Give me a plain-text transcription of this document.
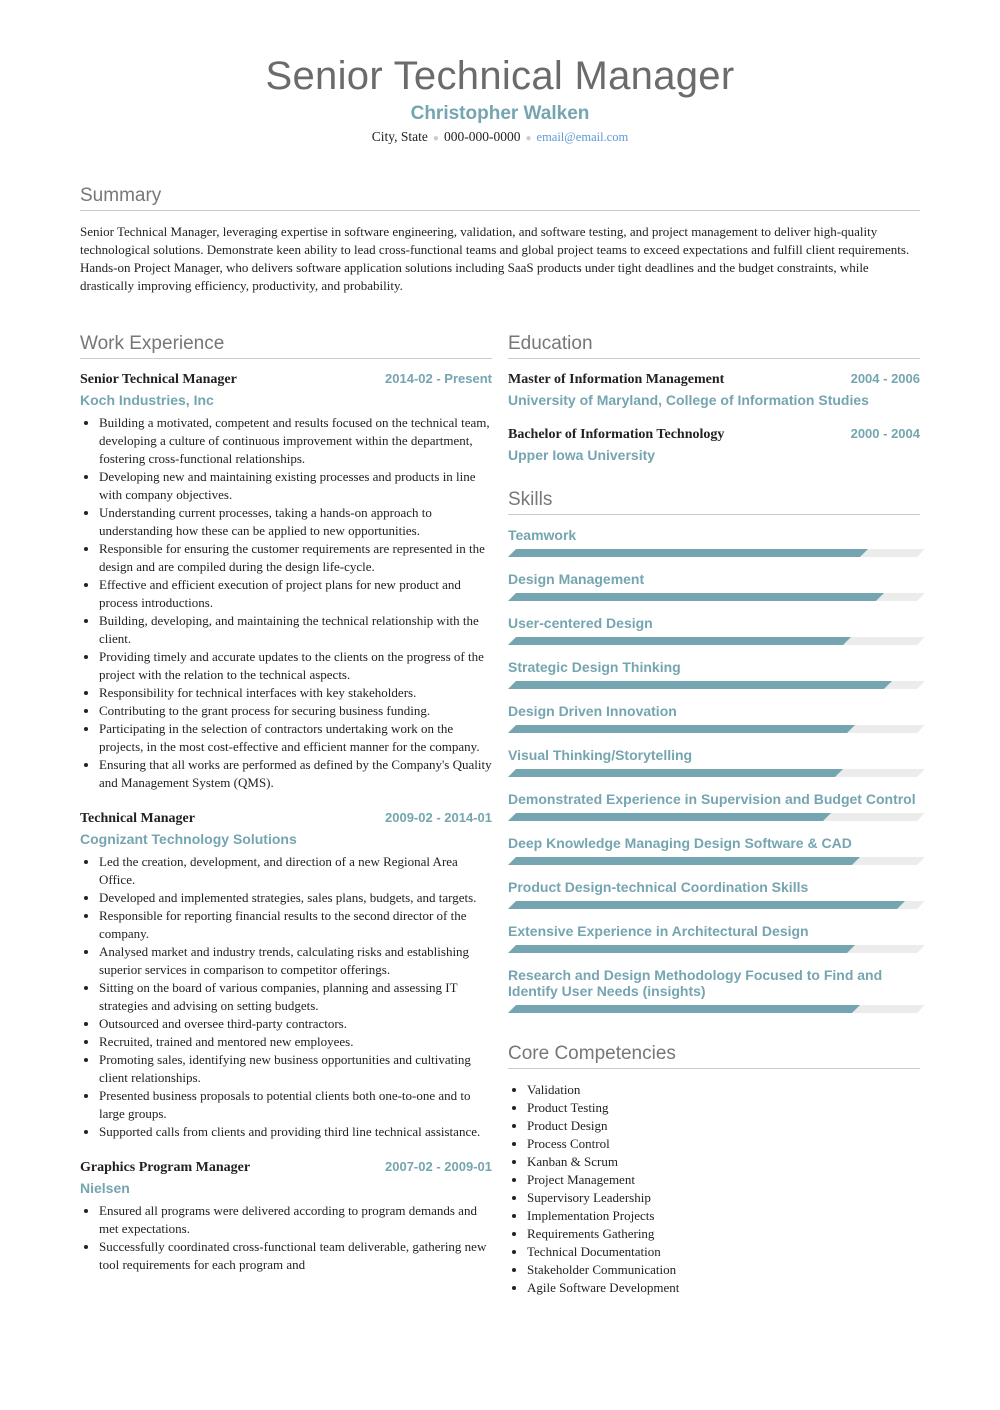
Senior Technical Manager
Christopher Walken
City, State ● 000-000-0000 ● email@email.com
Summary

Senior Technical Manager, leveraging expertise in software engineering, validation, and software testing, and project management to deliver high-quality technological solutions. Demonstrate keen ability to lead cross-functional teams and global project teams to exceed expectations and fulfill client requirements. Hands-on Project Manager, who delivers software application solutions including SaaS products under tight deadlines and the budget constraints, while drastically improving efficiency, productivity, and probability.

Work Experience
Senior Technical Manager	2014-02 - Present
Koch Industries, Inc
• Building a motivated, competent and results focused on the technical team, developing a culture of continuous improvement within the department, fostering cross-functional relationships.
• Developing new and maintaining existing processes and products in line with company objectives.
• Understanding current processes, taking a hands-on approach to understanding how these can be applied to new opportunities.
• Responsible for ensuring the customer requirements are represented in the design and are compiled during the design life-cycle.
• Effective and efficient execution of project plans for new product and process introductions.
• Building, developing, and maintaining the technical relationship with the client.
• Providing timely and accurate updates to the clients on the progress of the project with the relation to the technical aspects.
• Responsibility for technical interfaces with key stakeholders.
• Contributing to the grant process for securing business funding.
• Participating in the selection of contractors undertaking work on the projects, in the most cost-effective and efficient manner for the company.
• Ensuring that all works are performed as defined by the Company's Quality and Management System (QMS).
Technical Manager	2009-02 - 2014-01
Cognizant Technology Solutions
• Led the creation, development, and direction of a new Regional Area Office.
• Developed and implemented strategies, sales plans, budgets, and targets.
• Responsible for reporting financial results to the second director of the company.
• Analysed market and industry trends, calculating risks and establishing superior services in comparison to competitor offerings.
• Sitting on the board of various companies, planning and assessing IT strategies and advising on setting budgets.
• Outsourced and oversee third-party contractors.
• Recruited, trained and mentored new employees.
• Promoting sales, identifying new business opportunities and cultivating client relationships.
• Presented business proposals to potential clients both one-to-one and to large groups.
• Supported calls from clients and providing third line technical assistance.
Graphics Program Manager	2007-02 - 2009-01
Nielsen
• Ensured all programs were delivered according to program demands and met expectations.
• Successfully coordinated cross-functional team deliverable, gathering new tool requirements for each program and
Education
Master of Information Management	2004 - 2006
University of Maryland, College of Information Studies
Bachelor of Information Technology	2000 - 2004
Upper Iowa University
Skills
Teamwork
Design Management
User-centered Design
Strategic Design Thinking
Design Driven Innovation
Visual Thinking/Storytelling
Demonstrated Experience in Supervision and Budget Control
Deep Knowledge Managing Design Software & CAD
Product Design-technical Coordination Skills
Extensive Experience in Architectural Design
Research and Design Methodology Focused to Find and Identify User Needs (insights)
Core Competencies
• Validation
• Product Testing
• Product Design
• Process Control
• Kanban & Scrum
• Project Management
• Supervisory Leadership
• Implementation Projects
• Requirements Gathering
• Technical Documentation
• Stakeholder Communication
• Agile Software Development
